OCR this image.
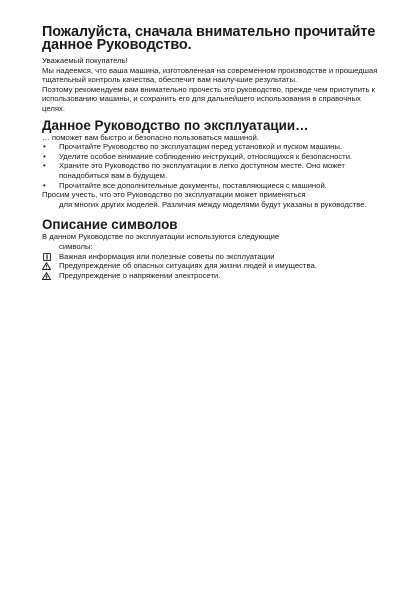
Пожалуйста, сначала внимательно прочитайте данное Руководство.

Уважаемый покупатель!

Мы надеемся, что ваша машина, изготовленная на современном производстве и прошедшая тщательный контроль качества, обеспечит вам наилучшие результаты.

Поэтому рекомендуем вам внимательно прочесть это руководство, прежде чем приступить к использованию машины, и сохранить его для дальнейшего использования в справочных целях.

Данное Руководство по эксплуатации…

… поможет вам быстро и безопасно пользоваться машиной.

• Прочитайте Руководство по эксплуатации перед установкой и пуском машины.
• Уделите особое внимание соблюдению инструкций, относящихся к безопасности.
• Храните это Руководство по эксплуатации в легко доступном месте. Оно может понадобиться вам в будущем.
• Прочитайте все дополнительные документы, поставляющиеся с машиной.

Просим учесть, что это Руководство по эксплуатации может применяться
для многих других моделей. Различия между моделями будут указаны в руководстве.

Описание символов

В данном Руководстве по эксплуатации используются следующие
символы:

Важная информация или полезные советы по эксплуатации
Предупреждение об опасных ситуациях для жизни людей и имущества.
Предупреждение о напряжении электросети.
